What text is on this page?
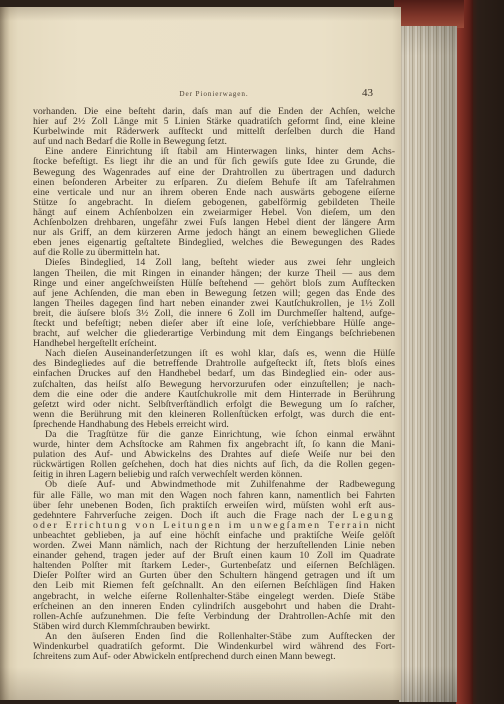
Der Pionierwagen.	43
vorhanden. Die eine beſteht darin, daſs man auf die Enden der Achſen, welche
hier auf 2½ Zoll Länge mit 5 Linien Stärke quadratiſch geformt ſind, eine kleine
Kurbelwinde mit Räderwerk aufſteckt und mittelſt derſelben durch die Hand
auf und nach Bedarf die Rolle in Bewegung ſetzt.
Eine andere Einrichtung iſt ſtabil am Hinterwagen links, hinter dem Achs-
ſtocke befeſtigt. Es liegt ihr die an und für ſich gewiſs gute Idee zu Grunde, die
Bewegung des Wagenrades auf eine der Drahtrollen zu übertragen und dadurch
einen beſonderen Arbeiter zu erſparen. Zu dieſem Behufe iſt am Tafelrahmen
eine verticale und nur an ihrem oberen Ende nach auswärts gebogene eiſerne
Stütze ſo angebracht. In dieſem gebogenen, gabelförmig gebildeten Theile
hängt auf einem Achſenbolzen ein zweiarmiger Hebel. Von dieſem, um den
Achſenbolzen drehbaren, ungefähr zwei Fuſs langen Hebel dient der längere Arm
nur als Griff, an dem kürzeren Arme jedoch hängt an einem beweglichen Gliede
eben jenes eigenartig geſtaltete Bindeglied, welches die Bewegungen des Rades
auf die Rolle zu übermitteln hat.
Dieſes Bindeglied, 14 Zoll lang, beſteht wieder aus zwei ſehr ungleich
langen Theilen, die mit Ringen in einander hängen; der kurze Theil — aus dem
Ringe und einer angeſchweiſsten Hülſe beſtehend — gehört bloſs zum Aufſtecken
auf jene Achſenden, die man eben in Bewegung ſetzen will; gegen das Ende des
langen Theiles dagegen ſind hart neben einander zwei Kautſchukrollen, je 1½ Zoll
breit, die äuſsere bloſs 3½ Zoll, die innere 6 Zoll im Durchmeſſer haltend, aufge-
ſteckt und befeſtigt; neben dieſer aber iſt eine loſe, verſchiebbare Hülſe ange-
bracht, auf welcher die gliederartige Verbindung mit dem Eingangs beſchriebenen
Handhebel hergeſtellt erſcheint.
Nach dieſen Auseinanderſetzungen iſt es wohl klar, daſs es, wenn die Hülſe
des Bindegliedes auf die betreffende Drahtrolle aufgeſteckt iſt, ſtets bloſs eines
einfachen Druckes auf den Handhebel bedarf, um das Bindeglied ein- oder aus-
zuſchalten, das heiſst alſo Bewegung hervorzurufen oder einzuſtellen; je nach-
dem die eine oder die andere Kautſchukrolle mit dem Hinterrade in Berührung
geſetzt wird oder nicht. Selbſtverſtändlich erfolgt die Bewegung um ſo raſcher,
wenn die Berührung mit den kleineren Rollenſtücken erfolgt, was durch die ent-
ſprechende Handhabung des Hebels erreicht wird.
Da die Tragſtütze für die ganze Einrichtung, wie ſchon einmal erwähnt
wurde, hinter dem Achsſtocke am Rahmen fix angebracht iſt, ſo kann die Mani-
pulation des Auf- und Abwickelns des Drahtes auf dieſe Weiſe nur bei den
rückwärtigen Rollen geſchehen, doch hat dies nichts auf ſich, da die Rollen gegen-
ſeitig in ihren Lagern beliebig und raſch verwechſelt werden können.
Ob dieſe Auf- und Abwindmethode mit Zuhilfenahme der Radbewegung
für alle Fälle, wo man mit den Wagen noch fahren kann, namentlich bei Fahrten
über ſehr unebenen Boden, ſich praktiſch erweiſen wird, müſsten wohl erſt aus-
gedehntere Fahrverſuche zeigen. Doch iſt auch die Frage nach der Legung
oder Errichtung von Leitungen im unwegſamen Terrain nicht
unbeachtet geblieben, ja auf eine höchſt einfache und praktiſche Weiſe gelöſt
worden. Zwei Mann nämlich, nach der Richtung der herzuſtellenden Linie neben
einander gehend, tragen jeder auf der Bruſt einen kaum 10 Zoll im Quadrate
haltenden Polſter mit ſtarkem Leder-, Gurtenbeſatz und eiſernen Beſchlägen.
Dieſer Polſter wird an Gurten über den Schultern hängend getragen und iſt um
den Leib mit Riemen feſt geſchnallt. An den eiſernen Beſchlägen ſind Haken
angebracht, in welche eiſerne Rollenhalter-Stäbe eingelegt werden. Dieſe Stäbe
erſcheinen an den inneren Enden cylindriſch ausgebohrt und haben die Draht-
rollen-Achſe aufzunehmen. Die feſte Verbindung der Drahtrollen-Achſe mit den
Stäben wird durch Klemmſchrauben bewirkt.
An den äuſseren Enden ſind die Rollenhalter-Stäbe zum Aufſtecken der
Windenkurbel quadratiſch geformt. Die Windenkurbel wird während des Fort-
ſchreitens zum Auf- oder Abwickeln entſprechend durch einen Mann bewegt.
